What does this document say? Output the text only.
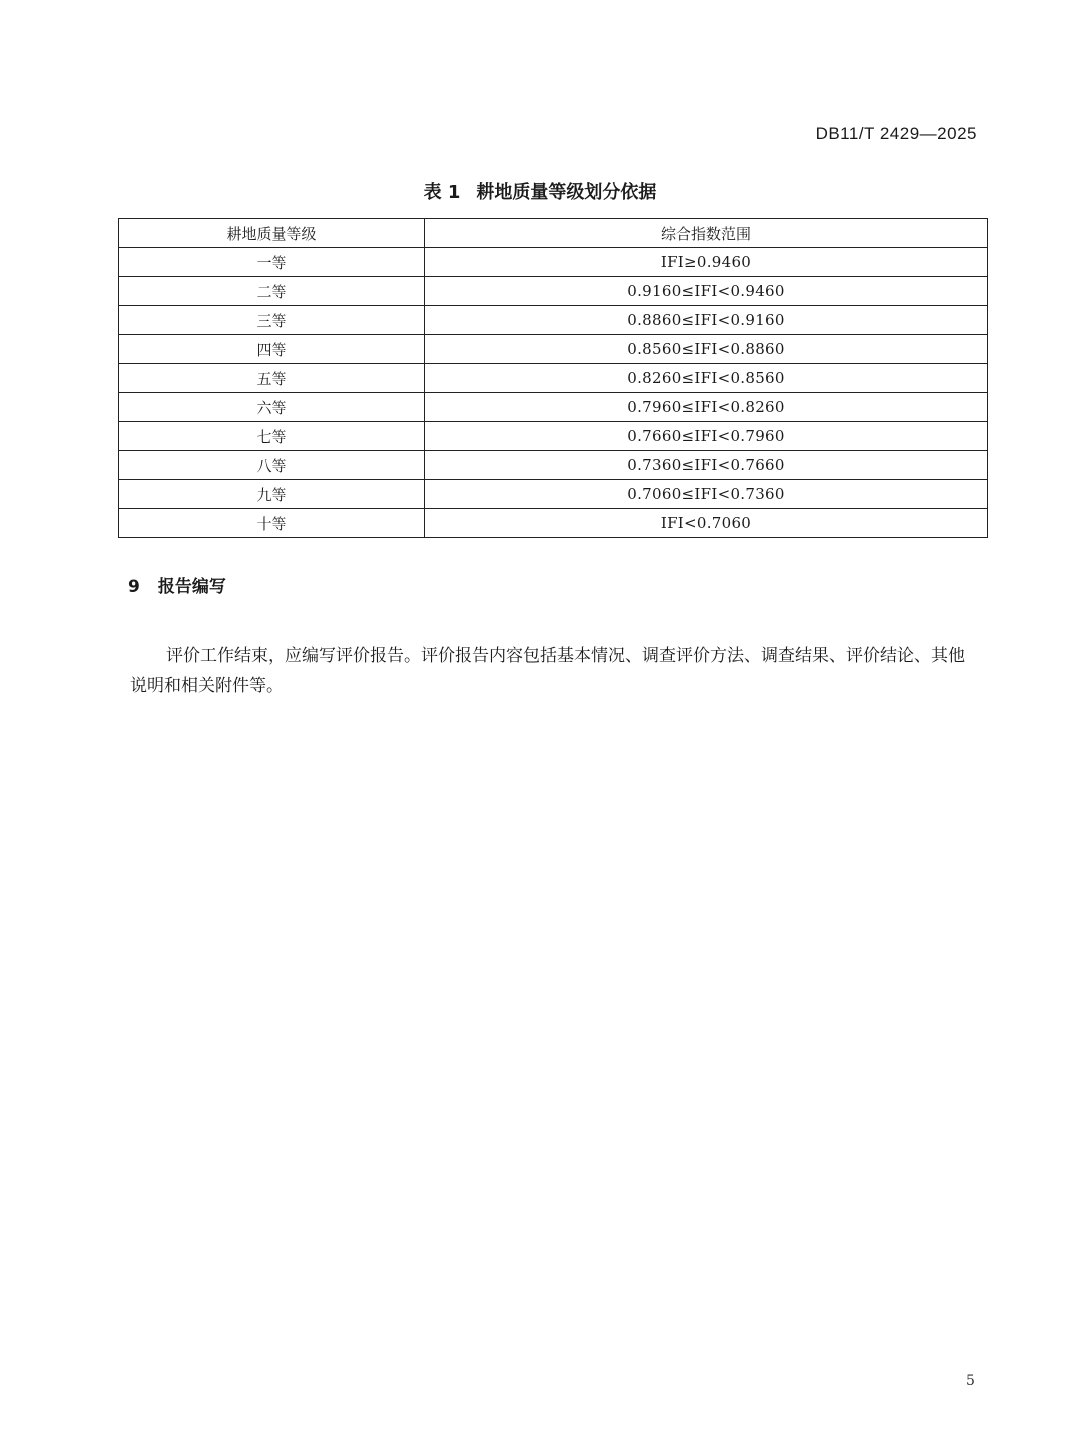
DB11/T 2429—2025
表 1 耕地质量等级划分依据
耕地质量等级	综合指数范围
一等	IFI≥0.9460
二等	0.9160≤IFI<0.9460
三等	0.8860≤IFI<0.9160
四等	0.8560≤IFI<0.8860
五等	0.8260≤IFI<0.8560
六等	0.7960≤IFI<0.8260
七等	0.7660≤IFI<0.7960
八等	0.7360≤IFI<0.7660
九等	0.7060≤IFI<0.7360
十等	IFI<0.7060
9 报告编写

评价工作结束，应编写评价报告。评价报告内容包括基本情况、调查评价方法、调查结果、评价结论、其他说明和相关附件等。

5
